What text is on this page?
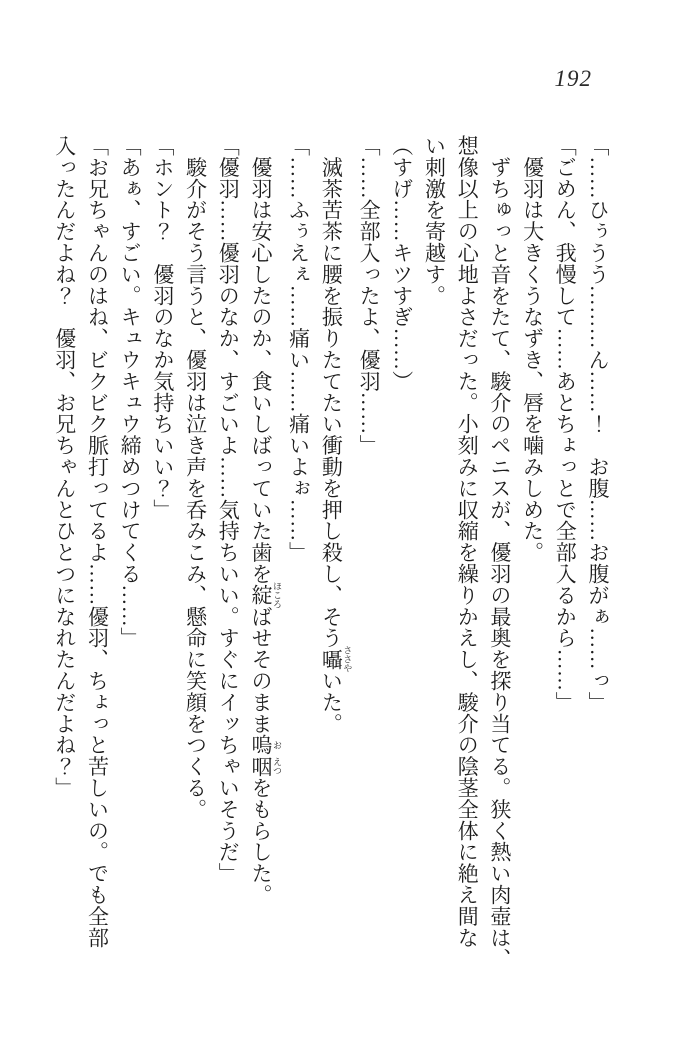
192

「……ひぅうう………ん……！　お腹……お腹がぁ……っ」

「ごめん、我慢して……あとちょっとで全部入るから……」

　優羽は大きくうなずき、唇を噛みしめた。

　ずちゅっと音をたて、駿介のペニスが、優羽の最奥を探り当てる。狭く熱い肉壺は、

想像以上の心地よさだった。小刻みに収縮を繰りかえし、駿介の陰茎全体に絶え間な

い刺激を寄越す。

（すげ……キツすぎ……）

「……全部入ったよ、優羽……」

　滅茶苦茶に腰を振りたてたい衝動を押し殺し、そう囁 ささやいた。

「……ふぅえぇ……痛い……痛いよぉ……」

　優羽は安心したのか、食いしばっていた歯を綻 ほころばせそのまま嗚 お咽 えつをもらした。

「優羽……優羽のなか、すごいよ……気持ちいい。すぐにイッちゃいそうだ」

　駿介がそう言うと、優羽は泣き声を呑みこみ、懸命に笑顔をつくる。

「ホント？　優羽のなか気持ちいい？」

「あぁ、すごい。キュウキュウ締めつけてくる……」

「お兄ちゃんのはね、ビクビク脈打ってるよ……優羽、ちょっと苦しいの。でも全部

入ったんだよね？　優羽、お兄ちゃんとひとつになれたんだよね？」
